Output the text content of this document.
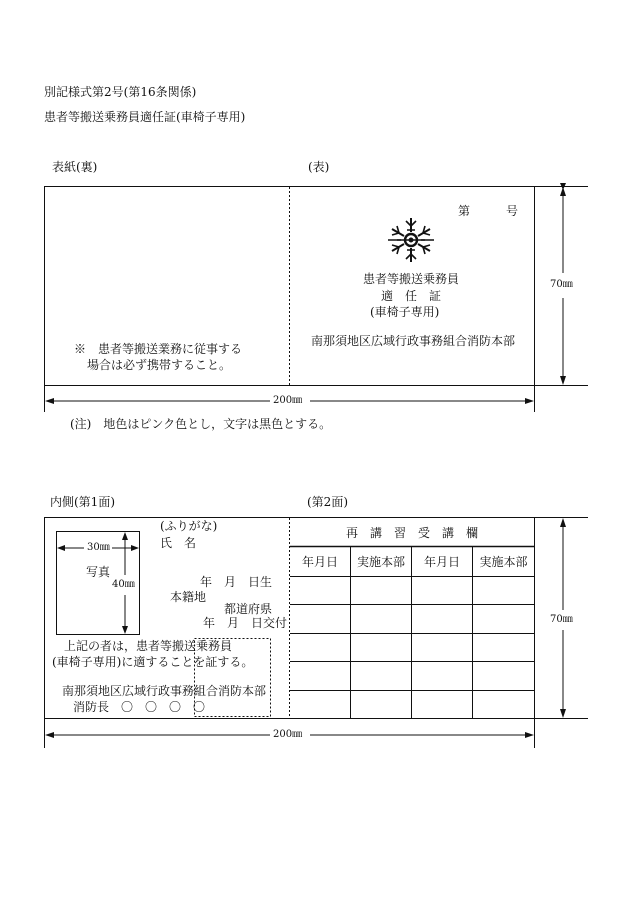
別記様式第2号(第16条関係)
患者等搬送乗務員適任証(車椅子専用)
表紙(裏)	(表)
※　患者等搬送業務に従事する
場合は必ず携帯すること。
第　　　号
患者等搬送乗務員
適　任　証
(車椅子専用)
南那須地区広域行政事務組合消防本部
70㎜
200㎜
(注)　地色はピンク色とし，文字は黒色とする。
内側(第1面)	(第2面)
30㎜
写真
40㎜
(ふりがな)
氏　名
年　月　日生
本籍地
都道府県
年　月　日交付
上記の者は，患者等搬送乗務員
(車椅子専用)に適することを証する。
南那須地区広域行政事務組合消防本部
消防長　〇　〇　〇　〇
再　講　習　受　講　欄
年月日	実施本部	年月日	実施本部
70㎜
200㎜
